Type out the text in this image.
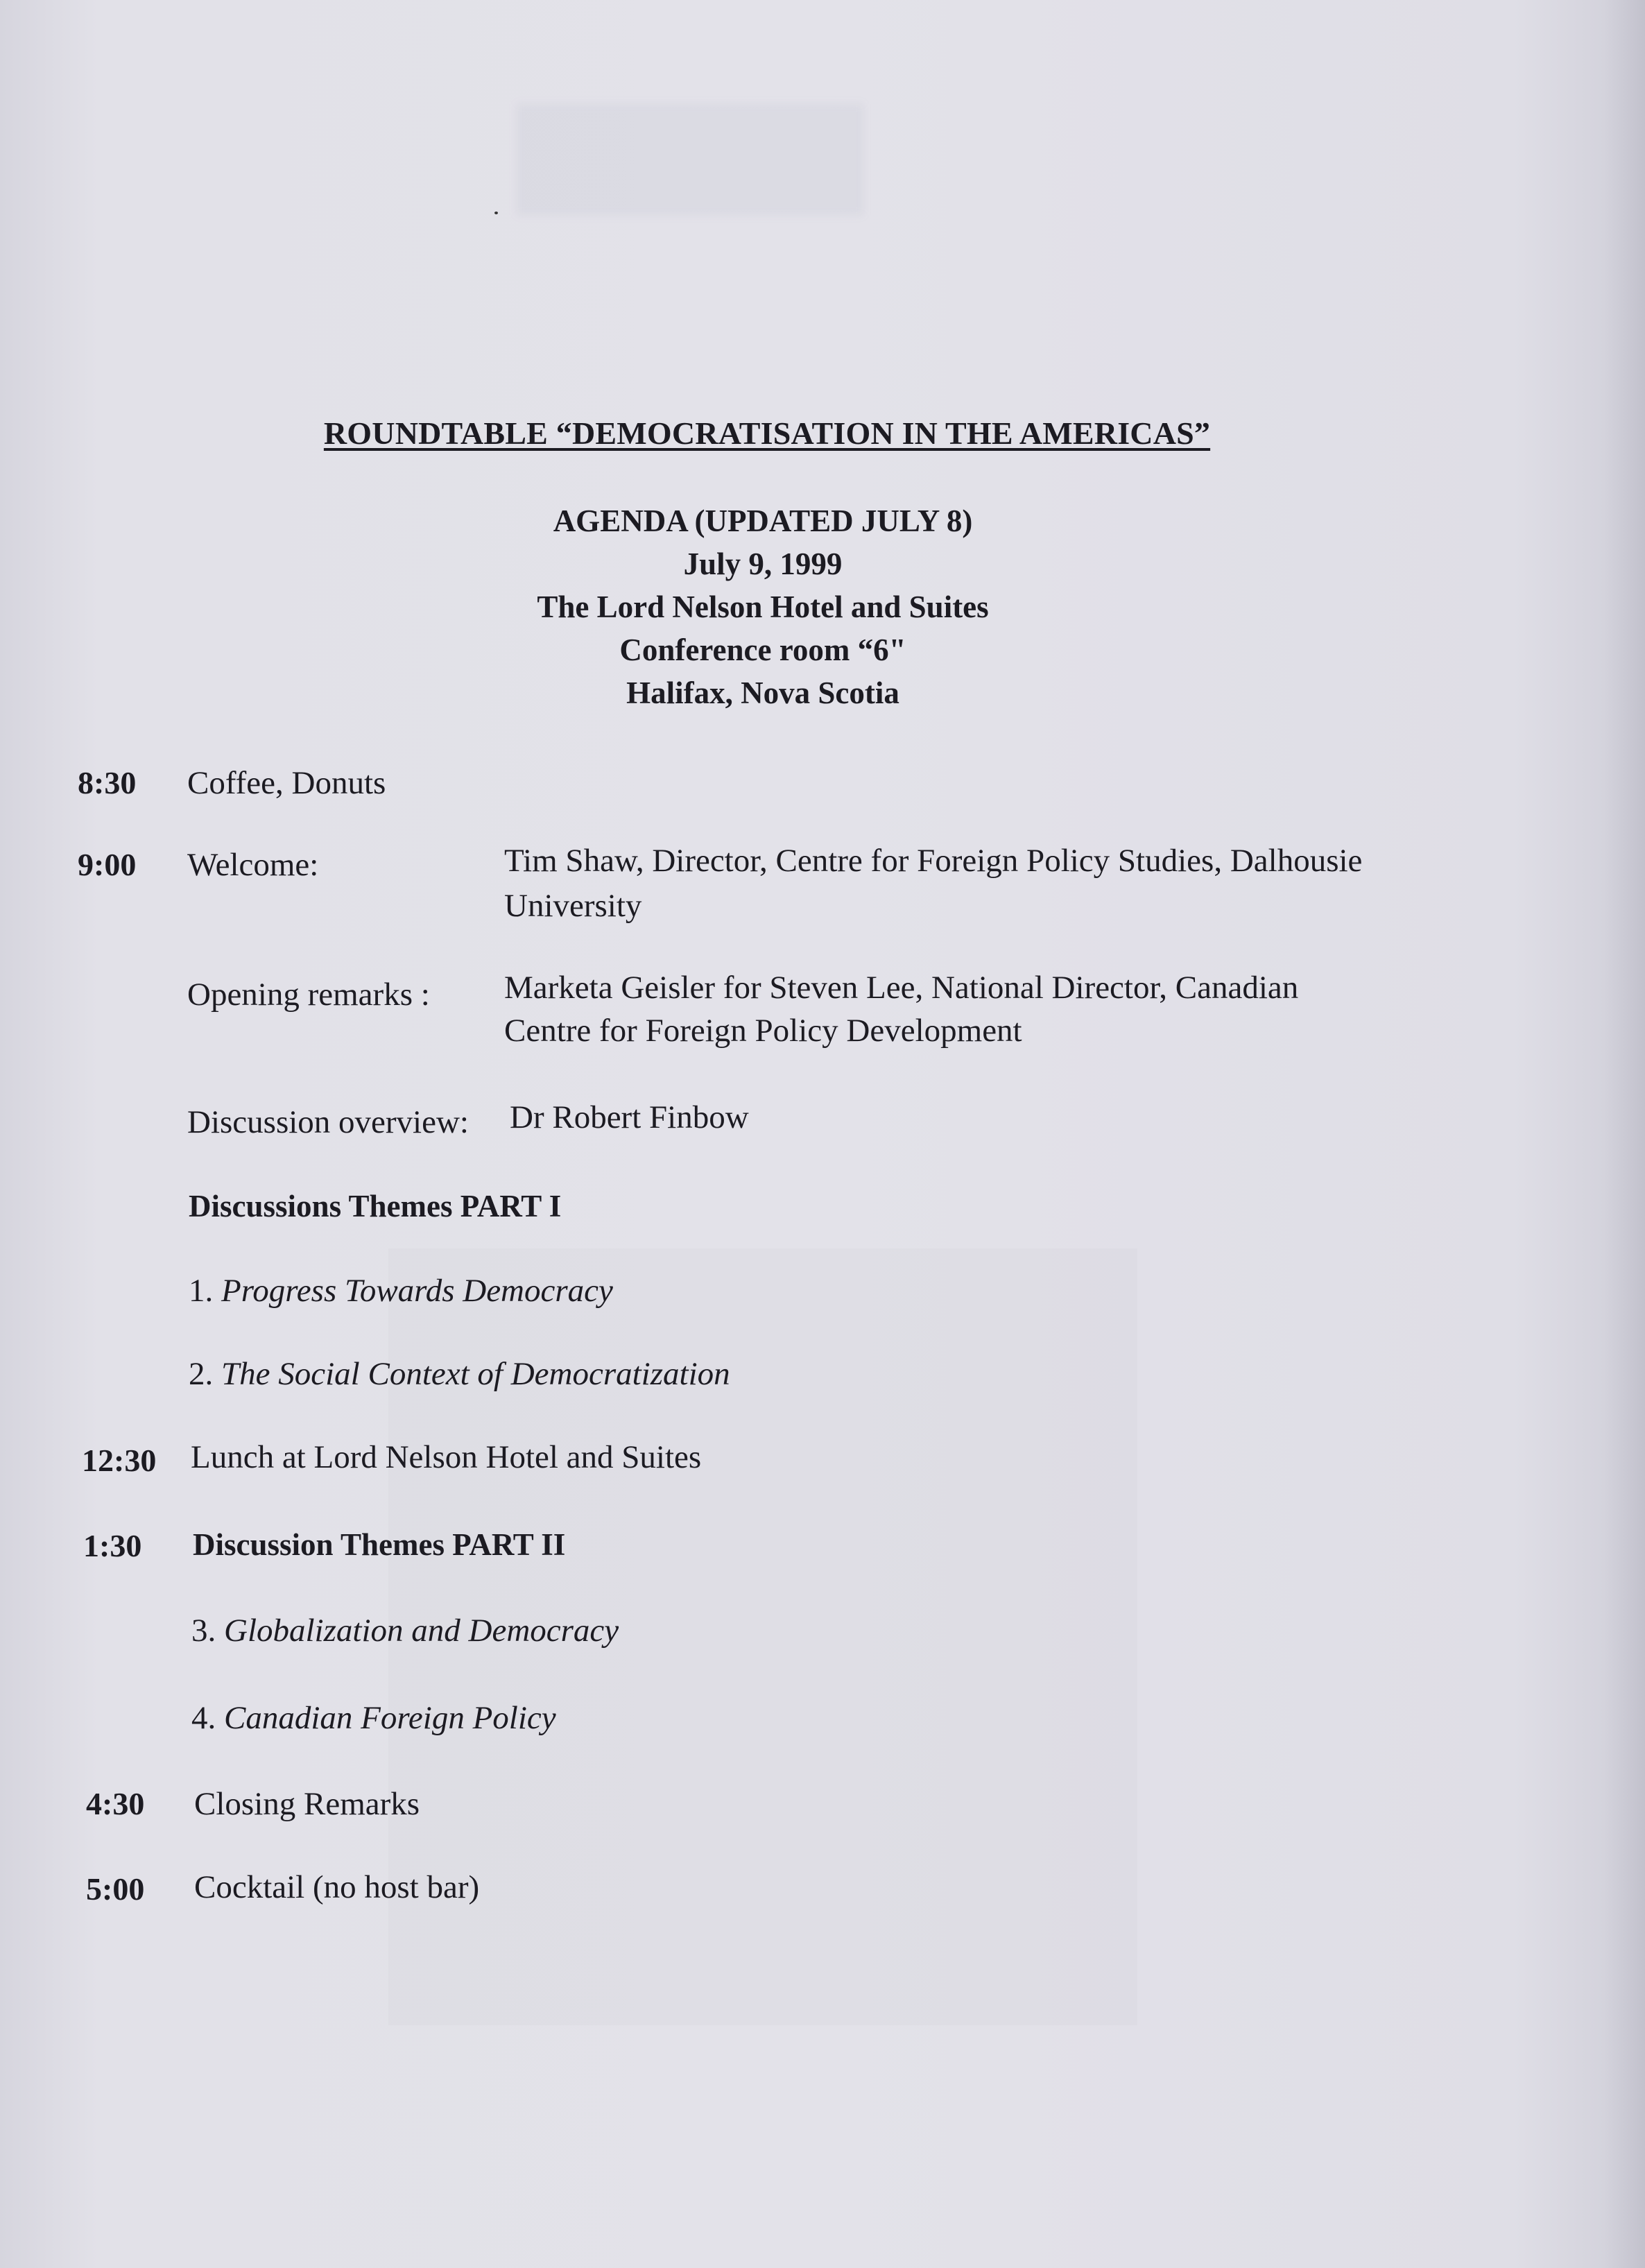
ROUNDTABLE “DEMOCRATISATION IN THE AMERICAS”
AGENDA (UPDATED JULY 8)
July 9, 1999
The Lord Nelson Hotel and Suites
Conference room “6"
Halifax, Nova Scotia
8:30 Coffee, Donuts
9:00 Welcome:	Tim Shaw, Director, Centre for Foreign Policy Studies, Dalhousie
University
Opening remarks : Marketa Geisler for Steven Lee, National Director, Canadian
Centre for Foreign Policy Development
Discussion overview: Dr Robert Finbow
Discussions Themes PART I
1. Progress Towards Democracy
2. The Social Context of Democratization
12:30 Lunch at Lord Nelson Hotel and Suites
1:30 Discussion Themes PART II
3. Globalization and Democracy
4. Canadian Foreign Policy
4:30 Closing Remarks
5:00 Cocktail (no host bar)
